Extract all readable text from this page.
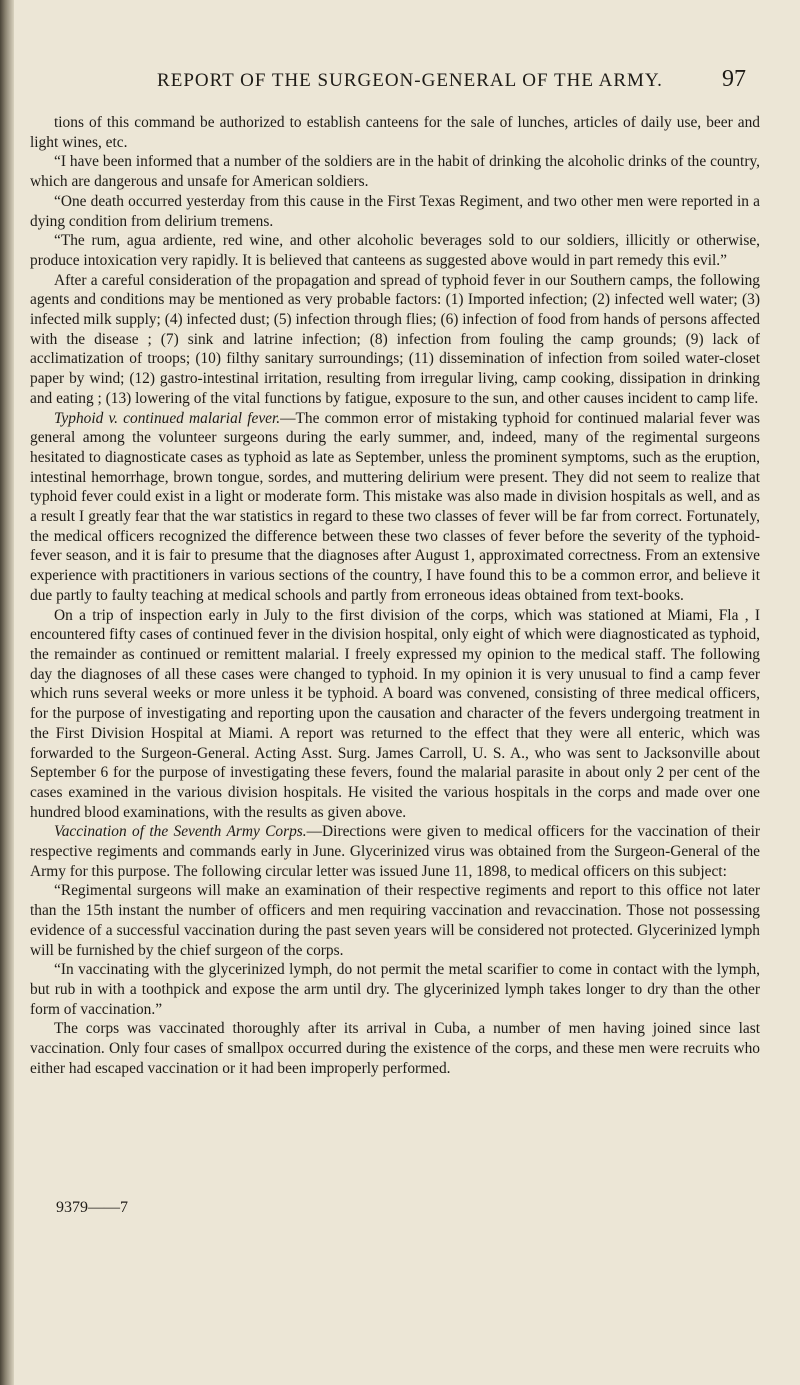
REPORT OF THE SURGEON-GENERAL OF THE ARMY.	97

tions of this command be authorized to establish canteens for the sale of lunches, articles of daily use, beer and light wines, etc.

“I have been informed that a number of the soldiers are in the habit of drinking the alcoholic drinks of the country, which are dangerous and unsafe for American soldiers.

“One death occurred yesterday from this cause in the First Texas Regiment, and two other men were reported in a dying condition from delirium tremens.

“The rum, agua ardiente, red wine, and other alcoholic beverages sold to our soldiers, illicitly or otherwise, produce intoxication very rapidly. It is believed that canteens as suggested above would in part remedy this evil.”

After a careful consideration of the propagation and spread of typhoid fever in our Southern camps, the following agents and conditions may be mentioned as very probable factors: (1) Imported infection; (2) infected well water; (3) infected milk supply; (4) infected dust; (5) infection through flies; (6) infection of food from hands of persons affected with the disease ; (7) sink and latrine infection; (8) infection from fouling the camp grounds; (9) lack of acclimatization of troops; (10) filthy sanitary surroundings; (11) dissemination of infection from soiled water-closet paper by wind; (12) gastro-intestinal irritation, resulting from irregular living, camp cooking, dissipation in drinking and eating ; (13) lowering of the vital functions by fatigue, exposure to the sun, and other causes incident to camp life.

Typhoid v. continued malarial fever.—The common error of mistaking typhoid for continued malarial fever was general among the volunteer surgeons during the early summer, and, indeed, many of the regimental surgeons hesitated to diagnosticate cases as typhoid as late as September, unless the prominent symptoms, such as the eruption, intestinal hemorrhage, brown tongue, sordes, and muttering delirium were present. They did not seem to realize that typhoid fever could exist in a light or moderate form. This mistake was also made in division hospitals as well, and as a result I greatly fear that the war statistics in regard to these two classes of fever will be far from correct. Fortunately, the medical officers recognized the difference between these two classes of fever before the severity of the typhoid-fever season, and it is fair to presume that the diagnoses after August 1, approximated correctness. From an extensive experience with practitioners in various sections of the country, I have found this to be a common error, and believe it due partly to faulty teaching at medical schools and partly from erroneous ideas obtained from text-books.

On a trip of inspection early in July to the first division of the corps, which was stationed at Miami, Fla , I encountered fifty cases of continued fever in the division hospital, only eight of which were diagnosticated as typhoid, the remainder as continued or remittent malarial. I freely expressed my opinion to the medical staff. The following day the diagnoses of all these cases were changed to typhoid. In my opinion it is very unusual to find a camp fever which runs several weeks or more unless it be typhoid. A board was convened, consisting of three medical officers, for the purpose of investigating and reporting upon the causation and character of the fevers undergoing treatment in the First Division Hospital at Miami. A report was returned to the effect that they were all enteric, which was forwarded to the Surgeon-General. Acting Asst. Surg. James Carroll, U. S. A., who was sent to Jacksonville about September 6 for the purpose of investigating these fevers, found the malarial parasite in about only 2 per cent of the cases examined in the various division hospitals. He visited the various hospitals in the corps and made over one hundred blood examinations, with the results as given above.

Vaccination of the Seventh Army Corps.—Directions were given to medical officers for the vaccination of their respective regiments and commands early in June. Glycerinized virus was obtained from the Surgeon-General of the Army for this purpose. The following circular letter was issued June 11, 1898, to medical officers on this subject:

“Regimental surgeons will make an examination of their respective regiments and report to this office not later than the 15th instant the number of officers and men requiring vaccination and revaccination. Those not possessing evidence of a successful vaccination during the past seven years will be considered not protected. Glycerinized lymph will be furnished by the chief surgeon of the corps.

“In vaccinating with the glycerinized lymph, do not permit the metal scarifier to come in contact with the lymph, but rub in with a toothpick and expose the arm until dry. The glycerinized lymph takes longer to dry than the other form of vaccination.”

The corps was vaccinated thoroughly after its arrival in Cuba, a number of men having joined since last vaccination. Only four cases of smallpox occurred during the existence of the corps, and these men were recruits who either had escaped vaccination or it had been improperly performed.

9379——7
